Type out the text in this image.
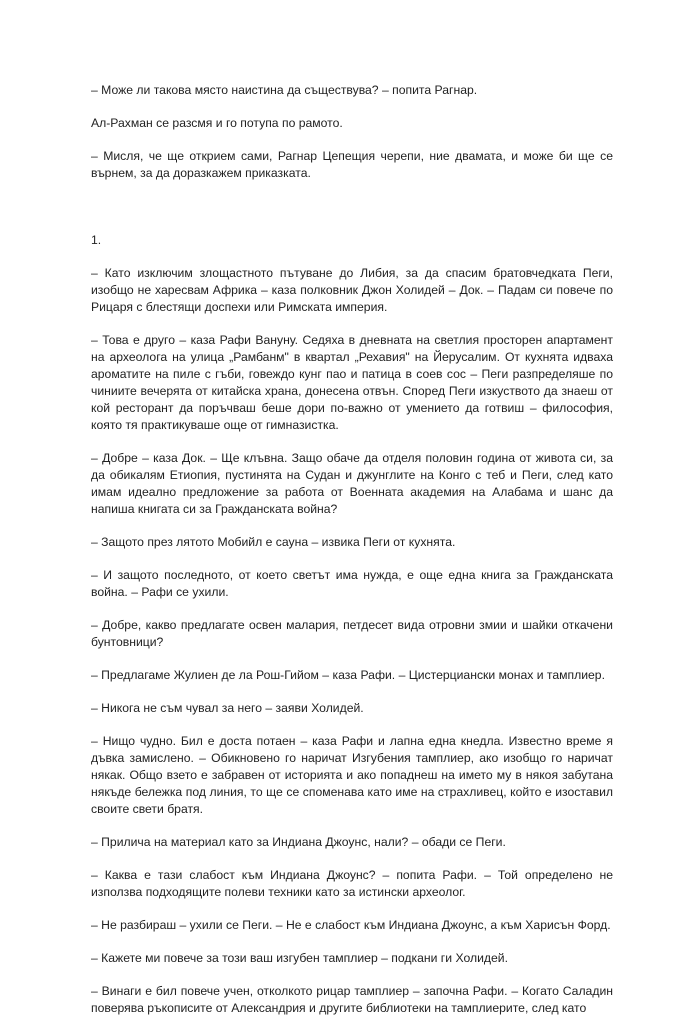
– Може ли такова място наистина да съществува? – попита Рагнар.

Ал-Рахман се разсмя и го потупа по рамото.

– Мисля, че ще открием сами, Рагнар Цепещия черепи, ние двамата, и може би ще се върнем, за да доразкажем приказката.

1.

– Като изключим злощастното пътуване до Либия, за да спасим братовчедката Пеги, изобщо не харесвам Африка – каза полковник Джон Холидей – Док. – Падам си повече по Рицаря с блестящи доспехи или Римската империя.

– Това е друго – каза Рафи Вануну. Седяха в дневната на светлия просторен апартамент на археолога на улица „Рамбанм" в квартал „Рехавия" на Йерусалим. От кухнята идваха ароматите на пиле с гъби, говеждо кунг пао и патица в соев сос – Пеги разпределяше по чиниите вечерята от китайска храна, донесена отвън. Според Пеги изкуството да знаеш от кой ресторант да поръчваш беше дори по-важно от умението да готвиш – философия, която тя практикуваше още от гимназистка.

– Добре – каза Док. – Ще клъвна. Защо обаче да отделя половин година от живота си, за да обикалям Етиопия, пустинята на Судан и джунглите на Конго с теб и Пеги, след като имам идеално предложение за работа от Военната академия на Алабама и шанс да напиша книгата си за Гражданската война?

– Защото през лятото Мобийл е сауна – извика Пеги от кухнята.

– И защото последното, от което светът има нужда, е още една книга за Гражданската война. – Рафи се ухили.

– Добре, какво предлагате освен малария, петдесет вида отровни змии и шайки откачени бунтовници?

– Предлагаме Жулиен де ла Рош-Гийом – каза Рафи. – Цистерциански монах и тамплиер.

– Никога не съм чувал за него – заяви Холидей.

– Нищо чудно. Бил е доста потаен – каза Рафи и лапна една кнедла. Известно време я дъвка замислено. – Обикновено го наричат Изгубения тамплиер, ако изобщо го наричат някак. Общо взето е забравен от историята и ако попаднеш на името му в някоя забутана някъде бележка под линия, то ще се споменава като име на страхливец, който е изоставил своите свети братя.

– Прилича на материал като за Индиана Джоунс, нали? – обади се Пеги.

– Каква е тази слабост към Индиана Джоунс? – попита Рафи. – Той определено не използва подходящите полеви техники като за истински археолог.

– Не разбираш – ухили се Пеги. – Не е слабост към Индиана Джоунс, а към Харисън Форд.

– Кажете ми повече за този ваш изгубен тамплиер – подкани ги Холидей.

– Винаги е бил повече учен, отколкото рицар тамплиер – започна Рафи. – Когато Саладин поверява ръкописите от Александрия и другите библиотеки на тамплиерите, след като
